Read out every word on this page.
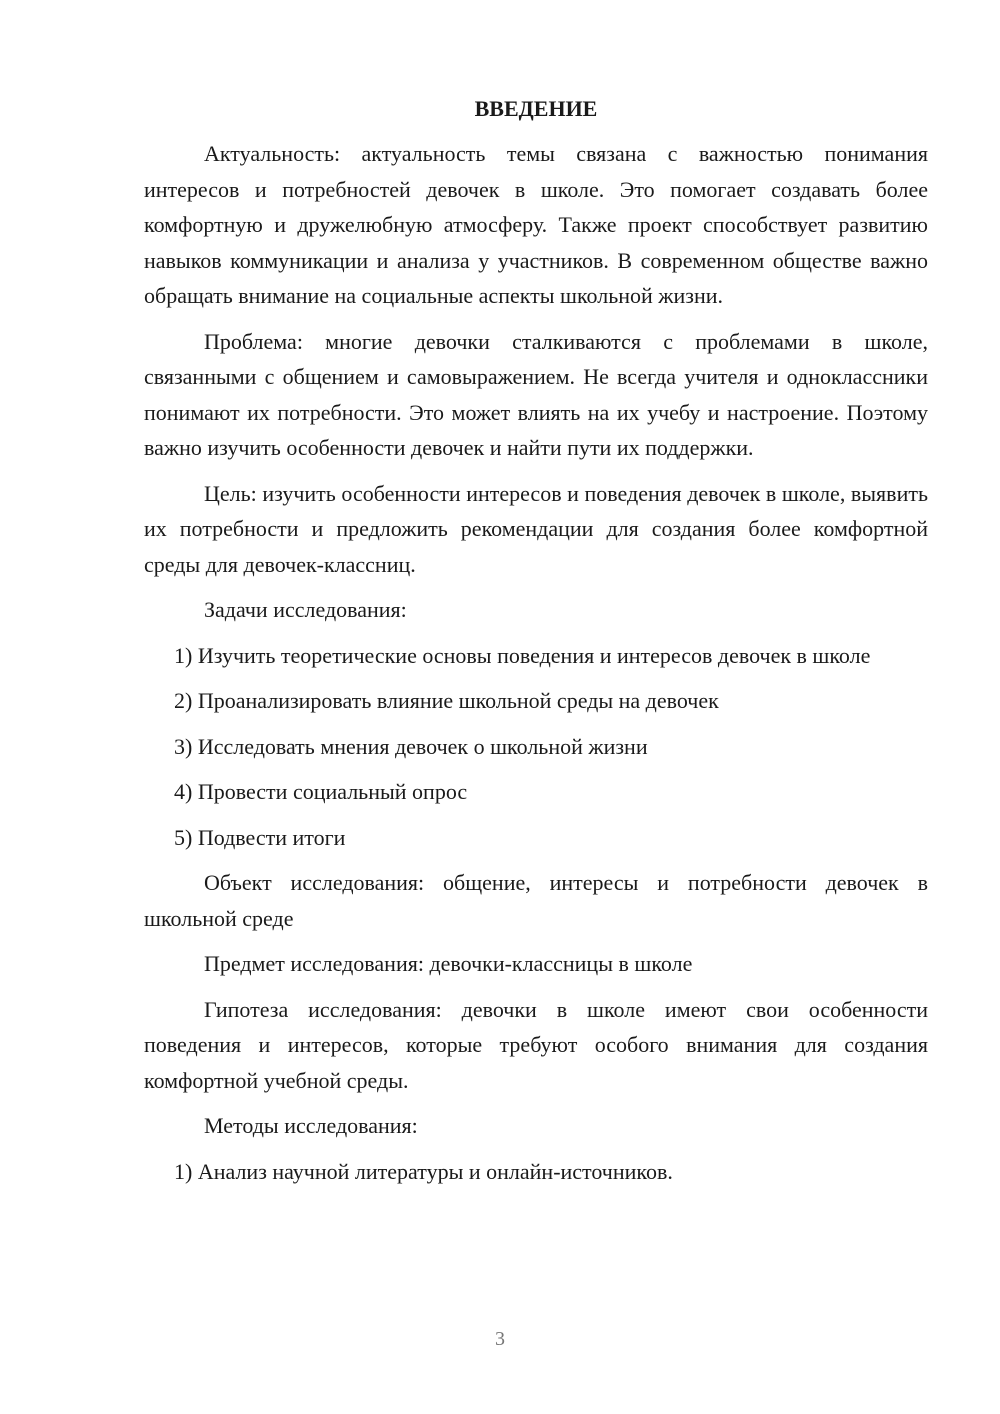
ВВЕДЕНИЕ

Актуальность: актуальность темы связана с важностью понимания интересов и потребностей девочек в школе. Это помогает создавать более комфортную и дружелюбную атмосферу. Также проект способствует развитию навыков коммуникации и анализа у участников. В современном обществе важно обращать внимание на социальные аспекты школьной жизни.

Проблема: многие девочки сталкиваются с проблемами в школе, связанными с общением и самовыражением. Не всегда учителя и одноклассники понимают их потребности. Это может влиять на их учебу и настроение. Поэтому важно изучить особенности девочек и найти пути их поддержки.

Цель: изучить особенности интересов и поведения девочек в школе, выявить их потребности и предложить рекомендации для создания более комфортной среды для девочек-классниц.

Задачи исследования:

1) Изучить теоретические основы поведения и интересов девочек в школе
2) Проанализировать влияние школьной среды на девочек
3) Исследовать мнения девочек о школьной жизни
4) Провести социальный опрос
5) Подвести итоги

Объект исследования: общение, интересы и потребности девочек в школьной среде

Предмет исследования: девочки-классницы в школе

Гипотеза исследования: девочки в школе имеют свои особенности поведения и интересов, которые требуют особого внимания для создания комфортной учебной среды.

Методы исследования:

1) Анализ научной литературы и онлайн-источников.
3
